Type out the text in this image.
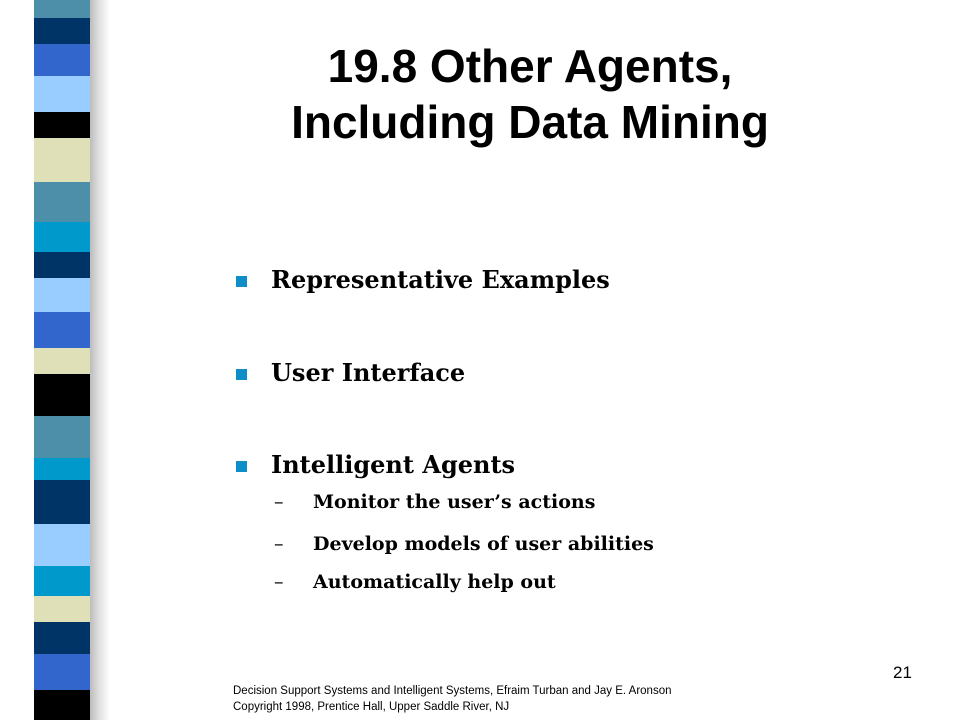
19.8 Other Agents,
Including Data Mining
Representative Examples
User Interface
Intelligent Agents
– Monitor the user’s actions
– Develop models of user abilities
– Automatically help out
21
Decision Support Systems and Intelligent Systems, Efraim Turban and Jay E. Aronson
Copyright 1998, Prentice Hall, Upper Saddle River, NJ
